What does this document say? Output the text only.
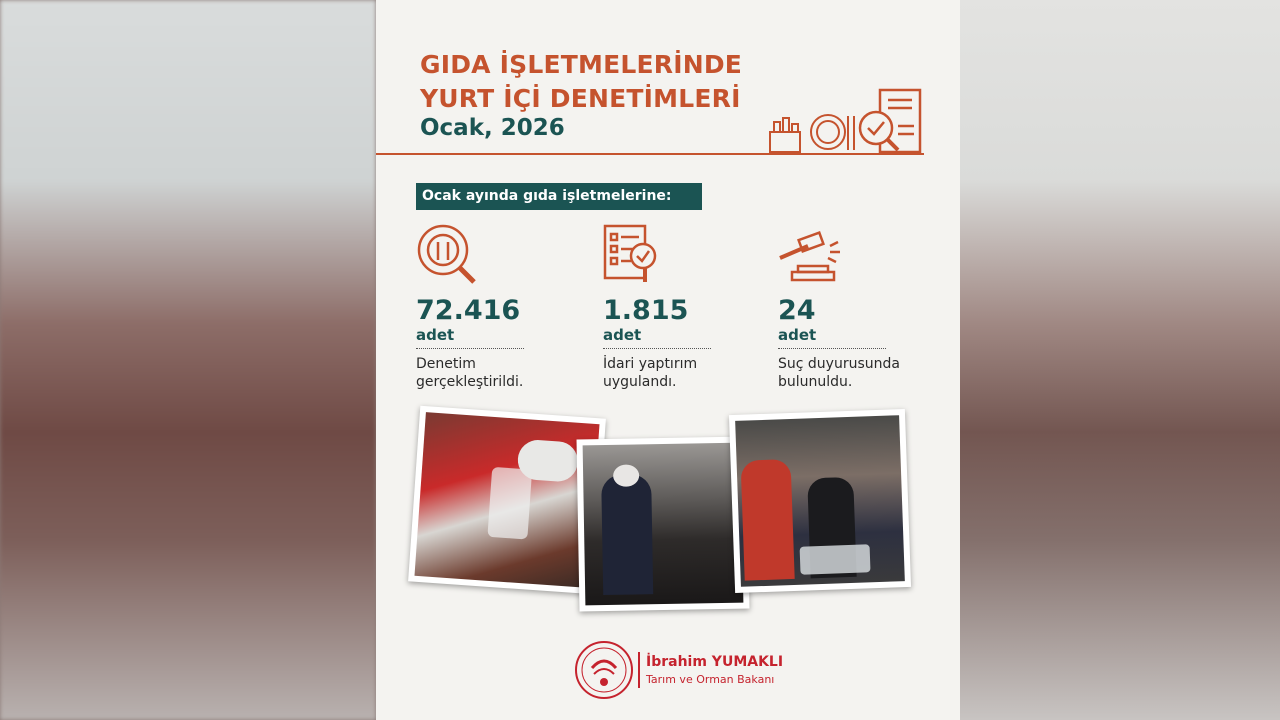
GIDA İŞLETMELERİNDE
YURT İÇİ DENETİMLERİ
Ocak, 2026
Ocak ayında gıda işletmelerine:
72.416
adet
Denetim
gerçekleştirildi.
1.815
adet
İdari yaptırım
uygulandı.
24
adet
Suç duyurusunda
bulunuldu.
İbrahim YUMAKLI
Tarım ve Orman Bakanı
